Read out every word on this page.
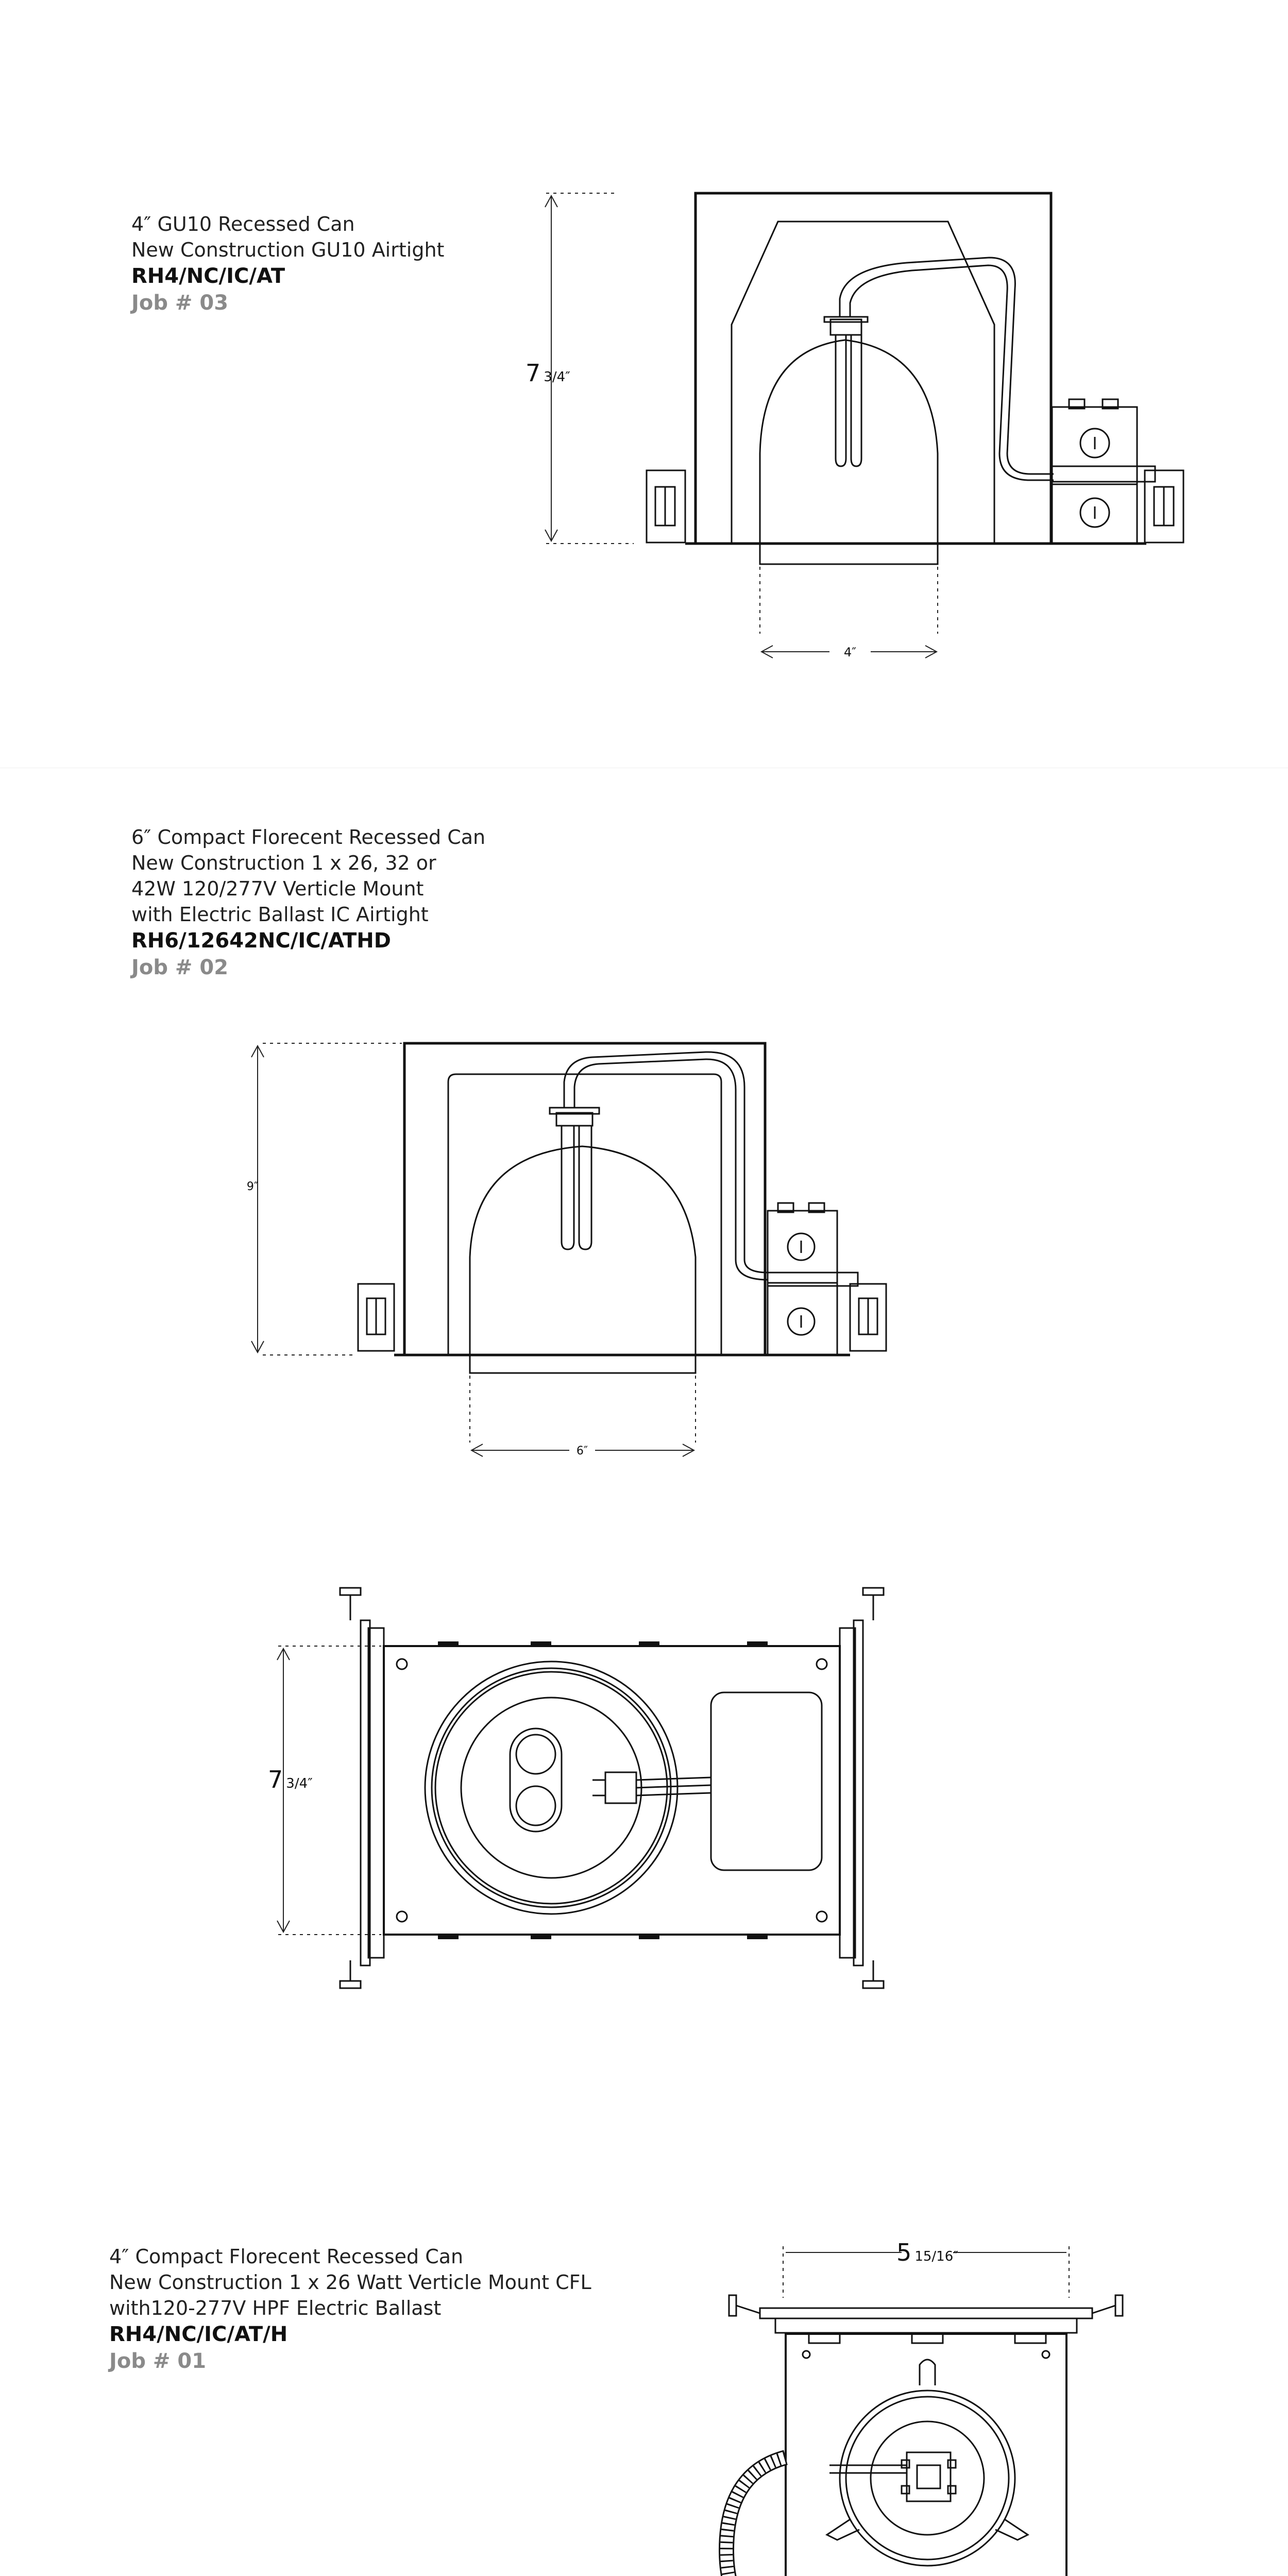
4″ GU10 Recessed Can

New Construction GU10 Airtight

RH4/NC/IC/AT

Job # 03

7 3/4″
4″

6″ Compact Florecent Recessed Can

New Construction 1 x 26, 32 or

42W 120/277V Verticle Mount

with Electric Ballast IC Airtight

RH6/12642NC/IC/ATHD

Job # 02

9″
6″
7 3/4″

4″ Compact Florecent Recessed Can

New Construction 1 x 26 Watt Verticle Mount CFL

with120-277V HPF Electric Ballast

RH4/NC/IC/AT/H

Job # 01

5 15/16″
